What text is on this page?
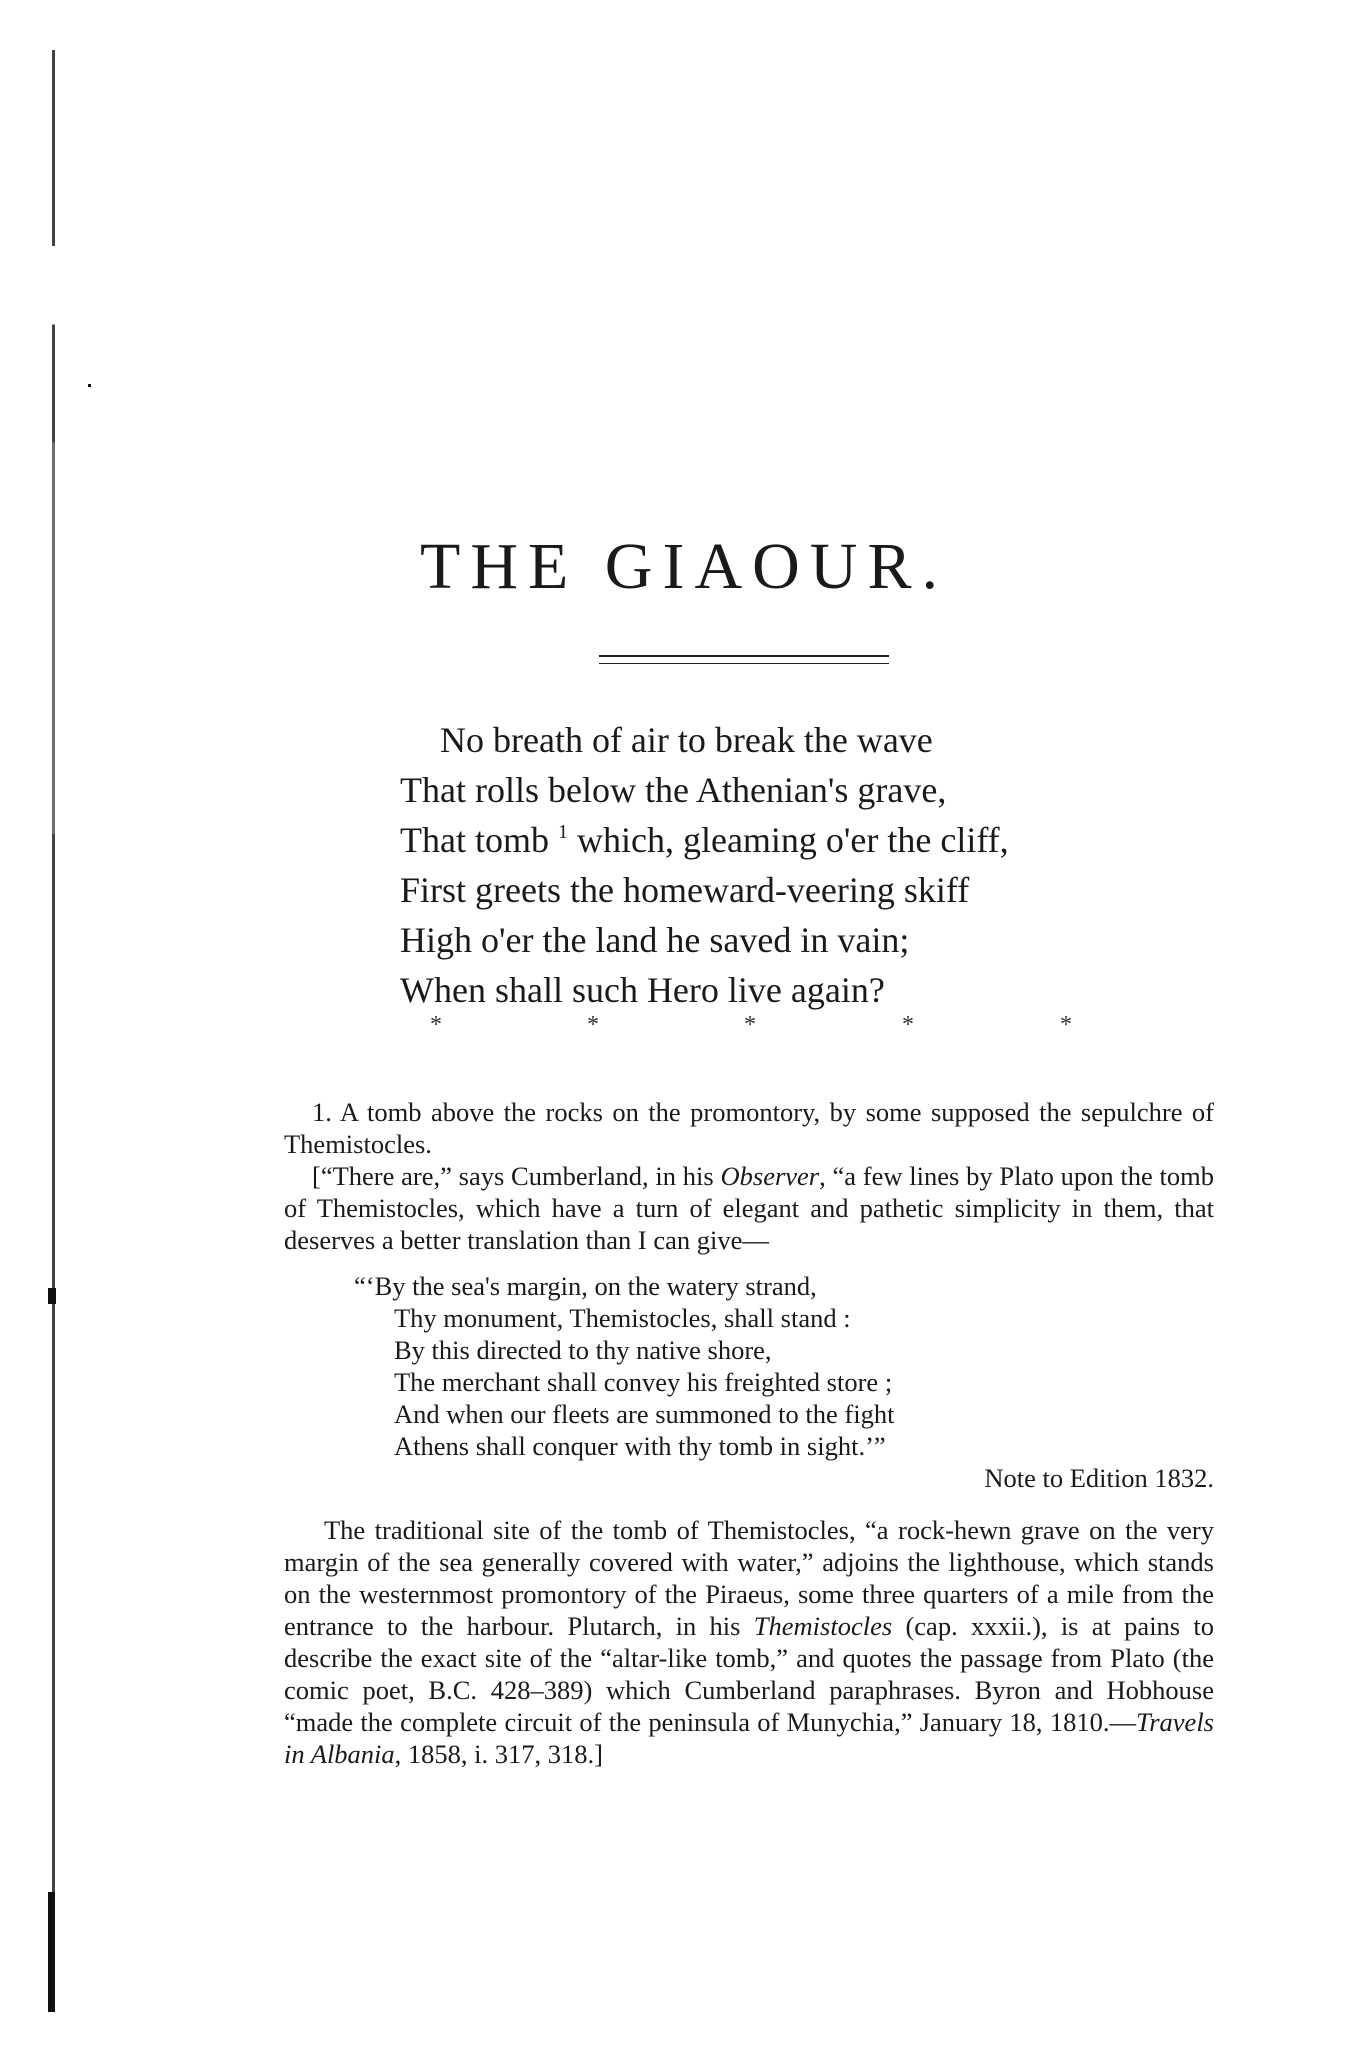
THE GIAOUR.
No breath of air to break the wave
That rolls below the Athenian's grave,
That tomb $^1$ which, gleaming o'er the cliff,
First greets the homeward-veering skiff
High o'er the land he saved in vain;
When shall such Hero live again?
*	*	*	*	*

1. A tomb above the rocks on the promontory, by some supposed the sepulchre of Themistocles.

[“There are,” says Cumberland, in his Observer, “a few lines by Plato upon the tomb of Themistocles, which have a turn of elegant and pathetic simplicity in them, that deserves a better translation than I can give—

“‘By the sea's margin, on the watery strand,
Thy monument, Themistocles, shall stand :
By this directed to thy native shore,
The merchant shall convey his freighted store ;
And when our fleets are summoned to the fight
Athens shall conquer with thy tomb in sight.’”

Note to Edition 1832.

The traditional site of the tomb of Themistocles, “a rock-hewn grave on the very margin of the sea generally covered with water,” adjoins the lighthouse, which stands on the westernmost promontory of the Piraeus, some three quarters of a mile from the entrance to the harbour. Plutarch, in his Themistocles (cap. xxxii.), is at pains to describe the exact site of the “altar-like tomb,” and quotes the passage from Plato (the comic poet, B.C. 428–389) which Cumberland paraphrases. Byron and Hobhouse “made the complete circuit of the peninsula of Munychia,” January 18, 1810.—Travels in Albania, 1858, i. 317, 318.]
